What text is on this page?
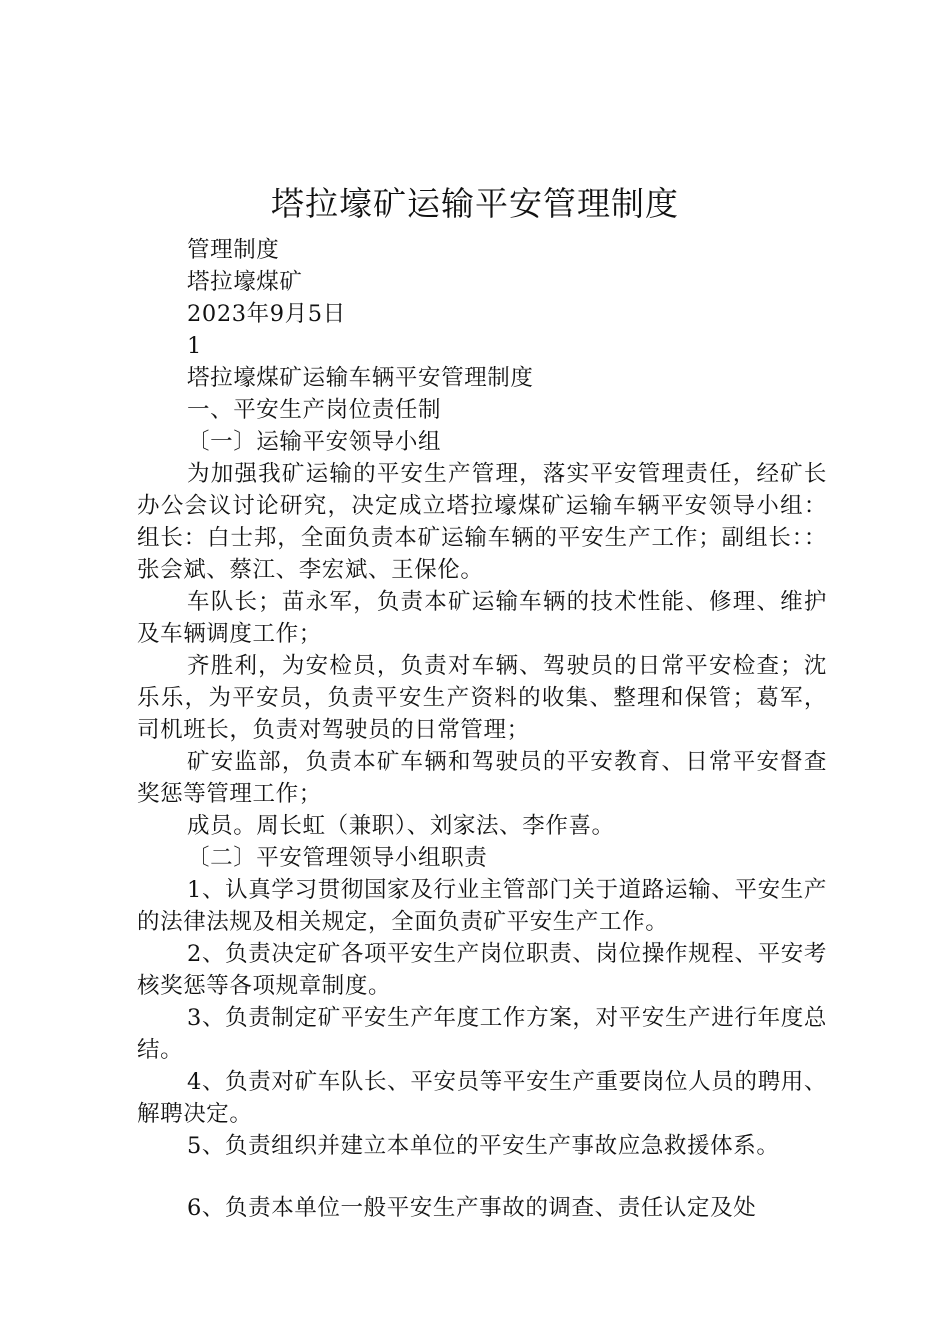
塔拉壕矿运输平安管理制度

管理制度

塔拉壕煤矿

2023年9月5日

1

塔拉壕煤矿运输车辆平安管理制度

一、平安生产岗位责任制

〔一〕运输平安领导小组

为加强我矿运输的平安生产管理，落实平安管理责任，经矿长办公会议讨论研究，决定成立塔拉壕煤矿运输车辆平安领导小组：组长：白士邦，全面负责本矿运输车辆的平安生产工作；副组长：：张会斌、蔡江、李宏斌、王保伦。

车队长；苗永军，负责本矿运输车辆的技术性能、修理、维护及车辆调度工作；

齐胜利，为安检员，负责对车辆、驾驶员的日常平安检查；沈乐乐，为平安员，负责平安生产资料的收集、整理和保管；葛军，司机班长，负责对驾驶员的日常管理；

矿安监部，负责本矿车辆和驾驶员的平安教育、日常平安督查奖惩等管理工作；

成员。周长虹（兼职）、刘家法、李作喜。

〔二〕平安管理领导小组职责

1、认真学习贯彻国家及行业主管部门关于道路运输、平安生产的法律法规及相关规定，全面负责矿平安生产工作。

2、负责决定矿各项平安生产岗位职责、岗位操作规程、平安考核奖惩等各项规章制度。

3、负责制定矿平安生产年度工作方案，对平安生产进行年度总结。

4、负责对矿车队长、平安员等平安生产重要岗位人员的聘用、解聘决定。

5、负责组织并建立本单位的平安生产事故应急救援体系。

6、负责本单位一般平安生产事故的调查、责任认定及处
